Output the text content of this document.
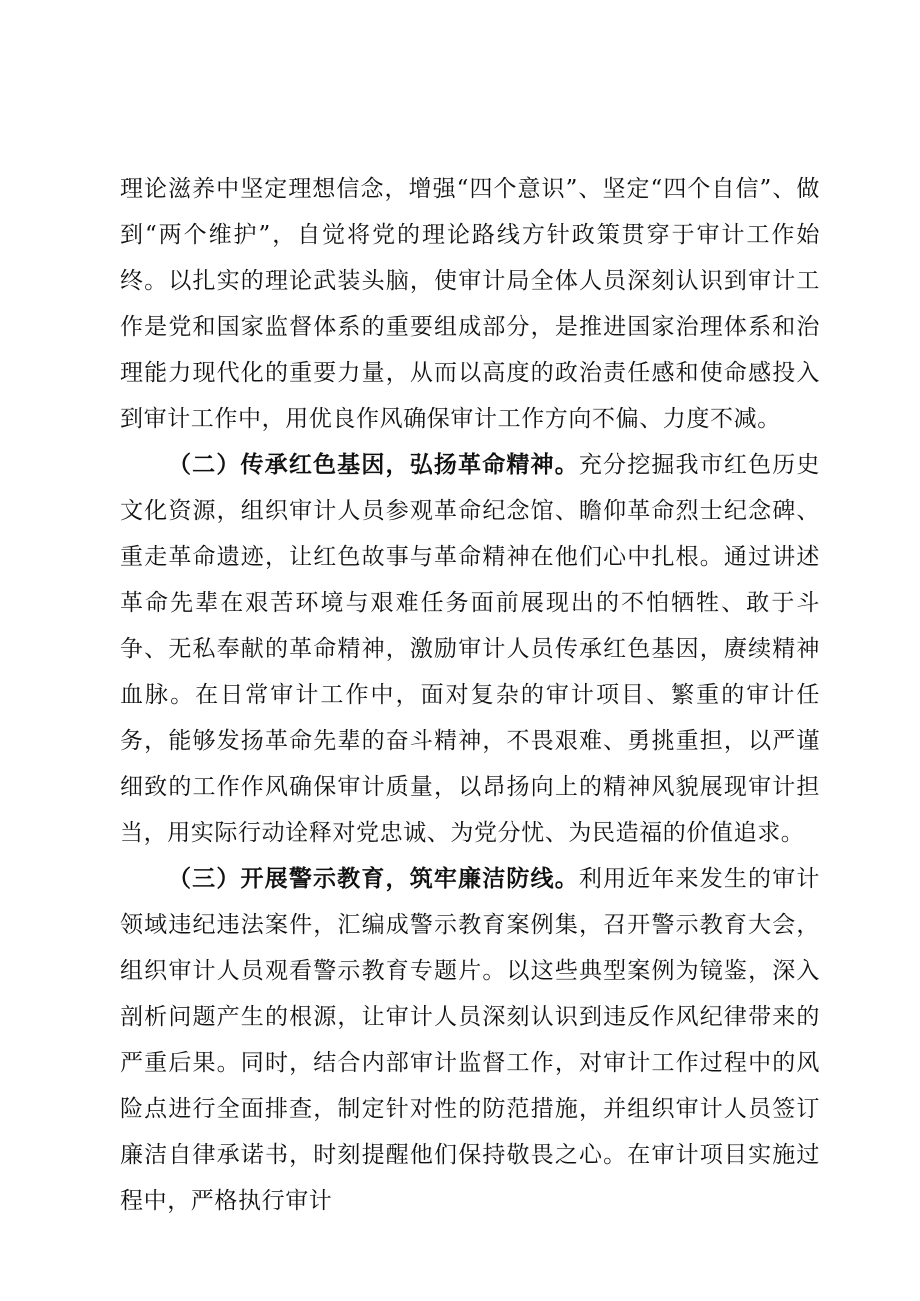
理论滋养中坚定理想信念，增强“四个意识”、坚定“四个自信”、做到“两个维护”，自觉将党的理论路线方针政策贯穿于审计工作始终。以扎实的理论武装头脑，使审计局全体人员深刻认识到审计工作是党和国家监督体系的重要组成部分，是推进国家治理体系和治理能力现代化的重要力量，从而以高度的政治责任感和使命感投入到审计工作中，用优良作风确保审计工作方向不偏、力度不减。

（二）传承红色基因，弘扬革命精神。充分挖掘我市红色历史文化资源，组织审计人员参观革命纪念馆、瞻仰革命烈士纪念碑、重走革命遗迹，让红色故事与革命精神在他们心中扎根。通过讲述革命先辈在艰苦环境与艰难任务面前展现出的不怕牺牲、敢于斗争、无私奉献的革命精神，激励审计人员传承红色基因，赓续精神血脉。在日常审计工作中，面对复杂的审计项目、繁重的审计任务，能够发扬革命先辈的奋斗精神，不畏艰难、勇挑重担，以严谨细致的工作作风确保审计质量，以昂扬向上的精神风貌展现审计担当，用实际行动诠释对党忠诚、为党分忧、为民造福的价值追求。

（三）开展警示教育，筑牢廉洁防线。利用近年来发生的审计领域违纪违法案件，汇编成警示教育案例集，召开警示教育大会，组织审计人员观看警示教育专题片。以这些典型案例为镜鉴，深入剖析问题产生的根源，让审计人员深刻认识到违反作风纪律带来的严重后果。同时，结合内部审计监督工作，对审计工作过程中的风险点进行全面排查，制定针对性的防范措施，并组织审计人员签订廉洁自律承诺书，时刻提醒他们保持敬畏之心。在审计项目实施过程中，严格执行审计
